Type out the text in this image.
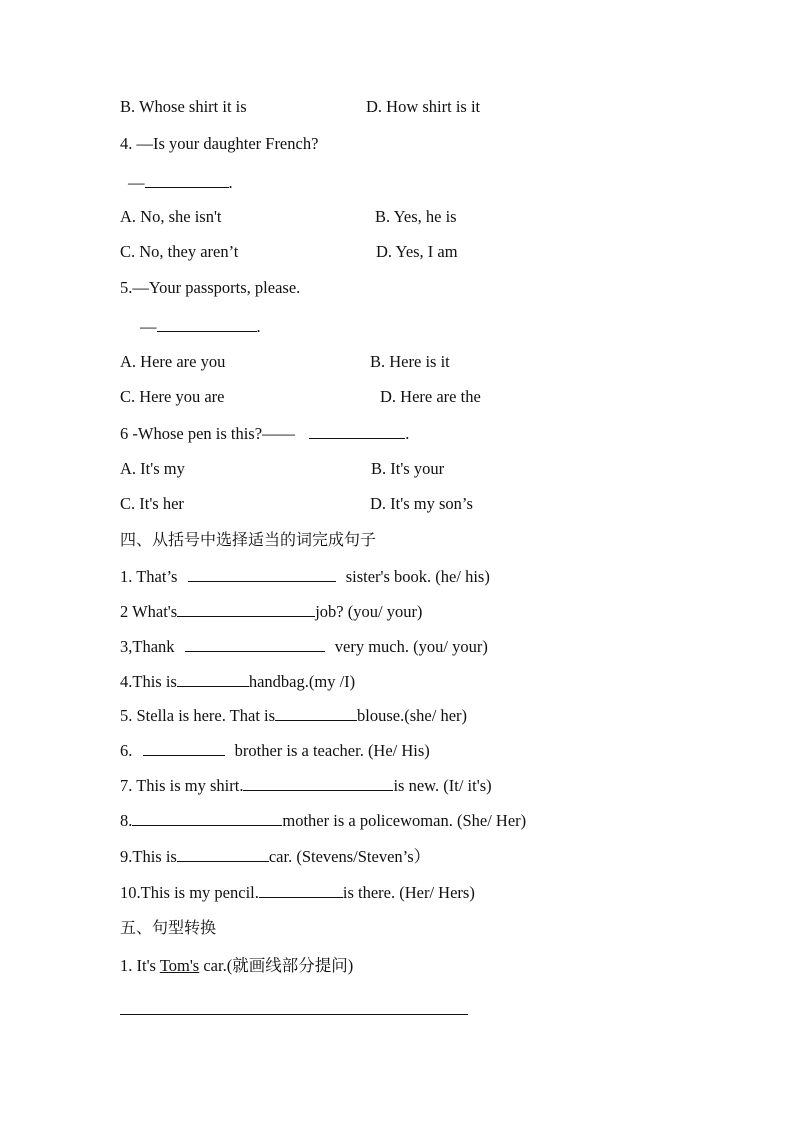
B. Whose shirt it is	D. How shirt is it
4. —Is your daughter French?
—	.
A. No, she isn't	B. Yes, he is
C. No, they aren’t	D. Yes, I am
5.—Your passports, please.
—	.
A. Here are you	B. Here is it
C. Here you are	D. Here are the
6 -Whose pen is this?——	.
A. It's my	B. It's your
C. It's her	D. It's my son’s
四、从括号中选择适当的词完成句子
1. That’s	sister's book. (he/ his)
2 What's	job? (you/ your)
3,Thank	very much. (you/ your)
4.This is	handbag.(my /I)
5. Stella is here. That is	blouse.(she/ her)
6.	brother is a teacher. (He/ His)
7. This is my shirt.	is new. (It/ it's)
8.	mother is a policewoman. (She/ Her)
9.This is	car. (Stevens/Steven’s）
10.This is my pencil.	is there. (Her/ Hers)
五、句型转换
1. It's Tom's car.(就画线部分提问)
